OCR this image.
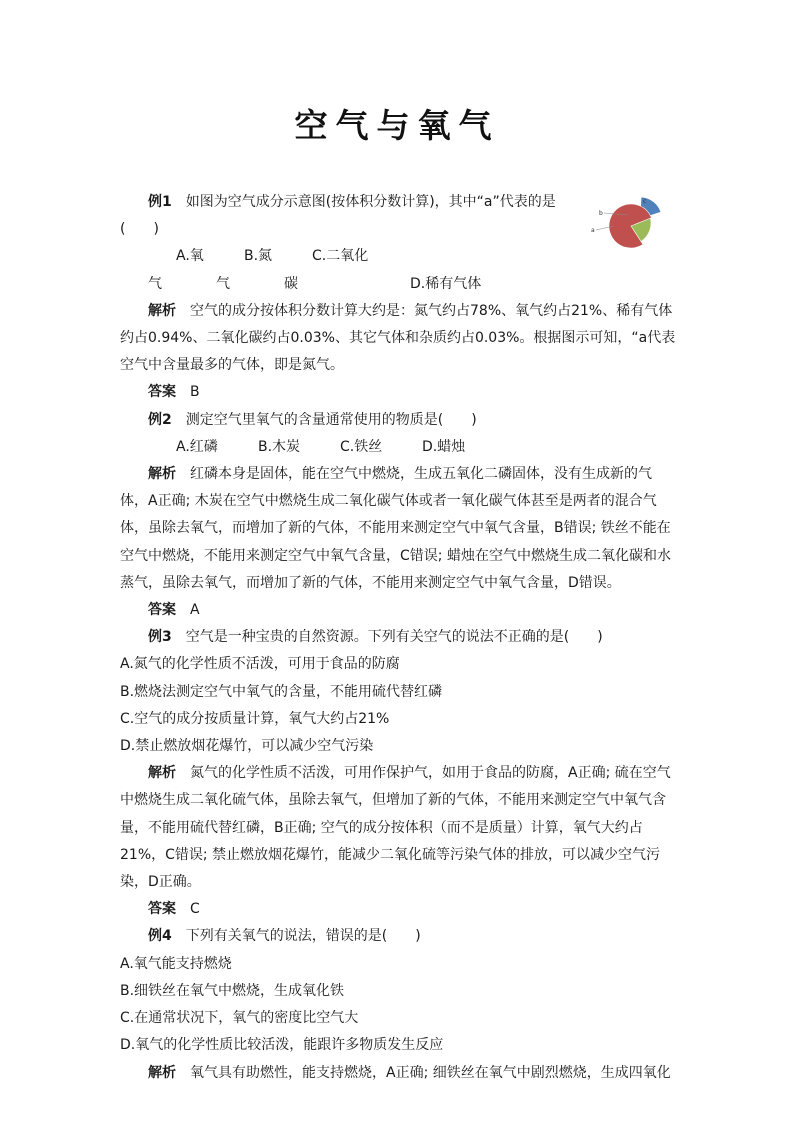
空气与氧气
a
b
c

例1  如图为空气成分示意图(按体积分数计算)，其中“a”代表的是

(　　)

A.氧气B.氮气C.二氧化碳	D.稀有气体

解析  空气的成分按体积分数计算大约是：氮气约占78%、氧气约占21%、稀有气体约占0.94%、二氧化碳约占0.03%、其它气体和杂质约占0.03%。根据图示可知，“a代表空气中含量最多的气体，即是氮气。

答案  B

例2  测定空气里氧气的含量通常使用的物质是(　　)

A.红磷	B.木炭	C.铁丝	D.蜡烛

解析  红磷本身是固体，能在空气中燃烧，生成五氧化二磷固体，没有生成新的气体，A正确; 木炭在空气中燃烧生成二氧化碳气体或者一氧化碳气体甚至是两者的混合气体，虽除去氧气，而增加了新的气体，不能用来测定空气中氧气含量，B错误; 铁丝不能在空气中燃烧，不能用来测定空气中氧气含量，C错误; 蜡烛在空气中燃烧生成二氧化碳和水蒸气，虽除去氧气，而增加了新的气体，不能用来测定空气中氧气含量，D错误。

答案  A

例3  空气是一种宝贵的自然资源。下列有关空气的说法不正确的是(　　)

A.氮气的化学性质不活泼，可用于食品的防腐

B.燃烧法测定空气中氧气的含量，不能用硫代替红磷

C.空气的成分按质量计算，氧气大约占21%

D.禁止燃放烟花爆竹，可以减少空气污染

解析  氮气的化学性质不活泼，可用作保护气，如用于食品的防腐，A正确; 硫在空气中燃烧生成二氧化硫气体，虽除去氧气，但增加了新的气体，不能用来测定空气中氧气含量，不能用硫代替红磷，B正确; 空气的成分按体积（而不是质量）计算，氧气大约占21%，C错误; 禁止燃放烟花爆竹，能减少二氧化硫等污染气体的排放，可以减少空气污染，D正确。

答案  C

例4  下列有关氧气的说法，错误的是(　　)

A.氧气能支持燃烧

B.细铁丝在氧气中燃烧，生成氧化铁

C.在通常状况下，氧气的密度比空气大

D.氧气的化学性质比较活泼，能跟许多物质发生反应

解析  氧气具有助燃性，能支持燃烧，A正确; 细铁丝在氧气中剧烈燃烧，生成四氧化
